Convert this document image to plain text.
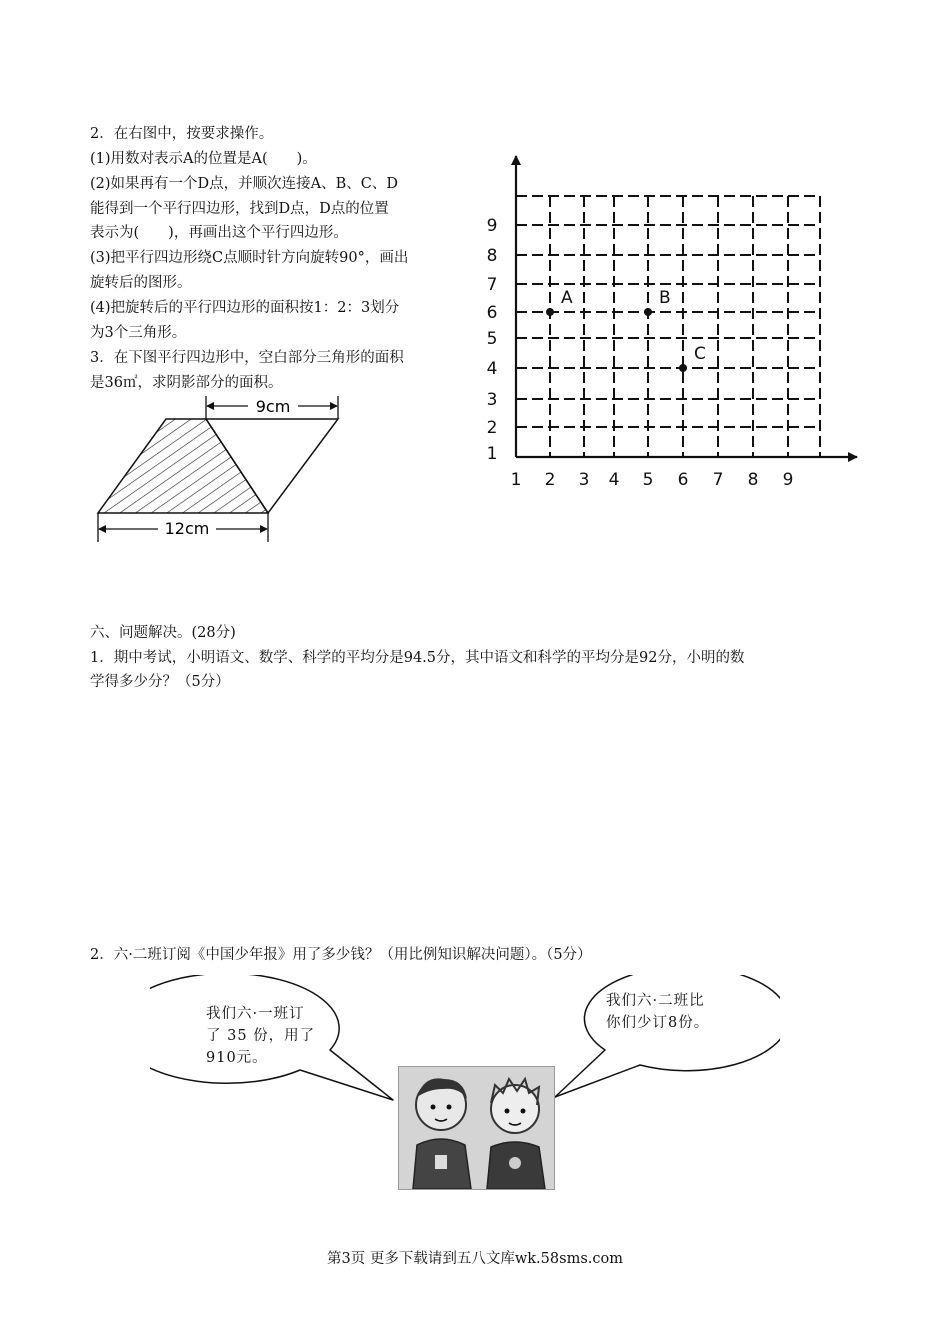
2．在右图中，按要求操作。
(1)用数对表示A的位置是A(　　)。
(2)如果再有一个D点，并顺次连接A、B、C、D
能得到一个平行四边形，找到D点，D点的位置
表示为(　　)，再画出这个平行四边形。
(3)把平行四边形绕C点顺时针方向旋转90°，画出
旋转后的图形。
(4)把旋转后的平行四边形的面积按1：2：3划分
为3个三角形。
3．在下图平行四边形中，空白部分三角形的面积
是36㎡，求阴影部分的面积。
9cm
12cm
1 2 3 4 5 6 7 8 9
1
2
3
4
5
6
7
8
9
A	B
C
六、问题解决。(28分)
1．期中考试，小明语文、数学、科学的平均分是94.5分，其中语文和科学的平均分是92分，小明的数
学得多少分？（5分）
2．六·二班订阅《中国少年报》用了多少钱？（用比例知识解决问题）。（5分）
我们六·一班订
了 35 份，用了
910元。
我们六·二班比
你们少订8份。
第3页 更多下载请到五八文库wk.58sms.com
